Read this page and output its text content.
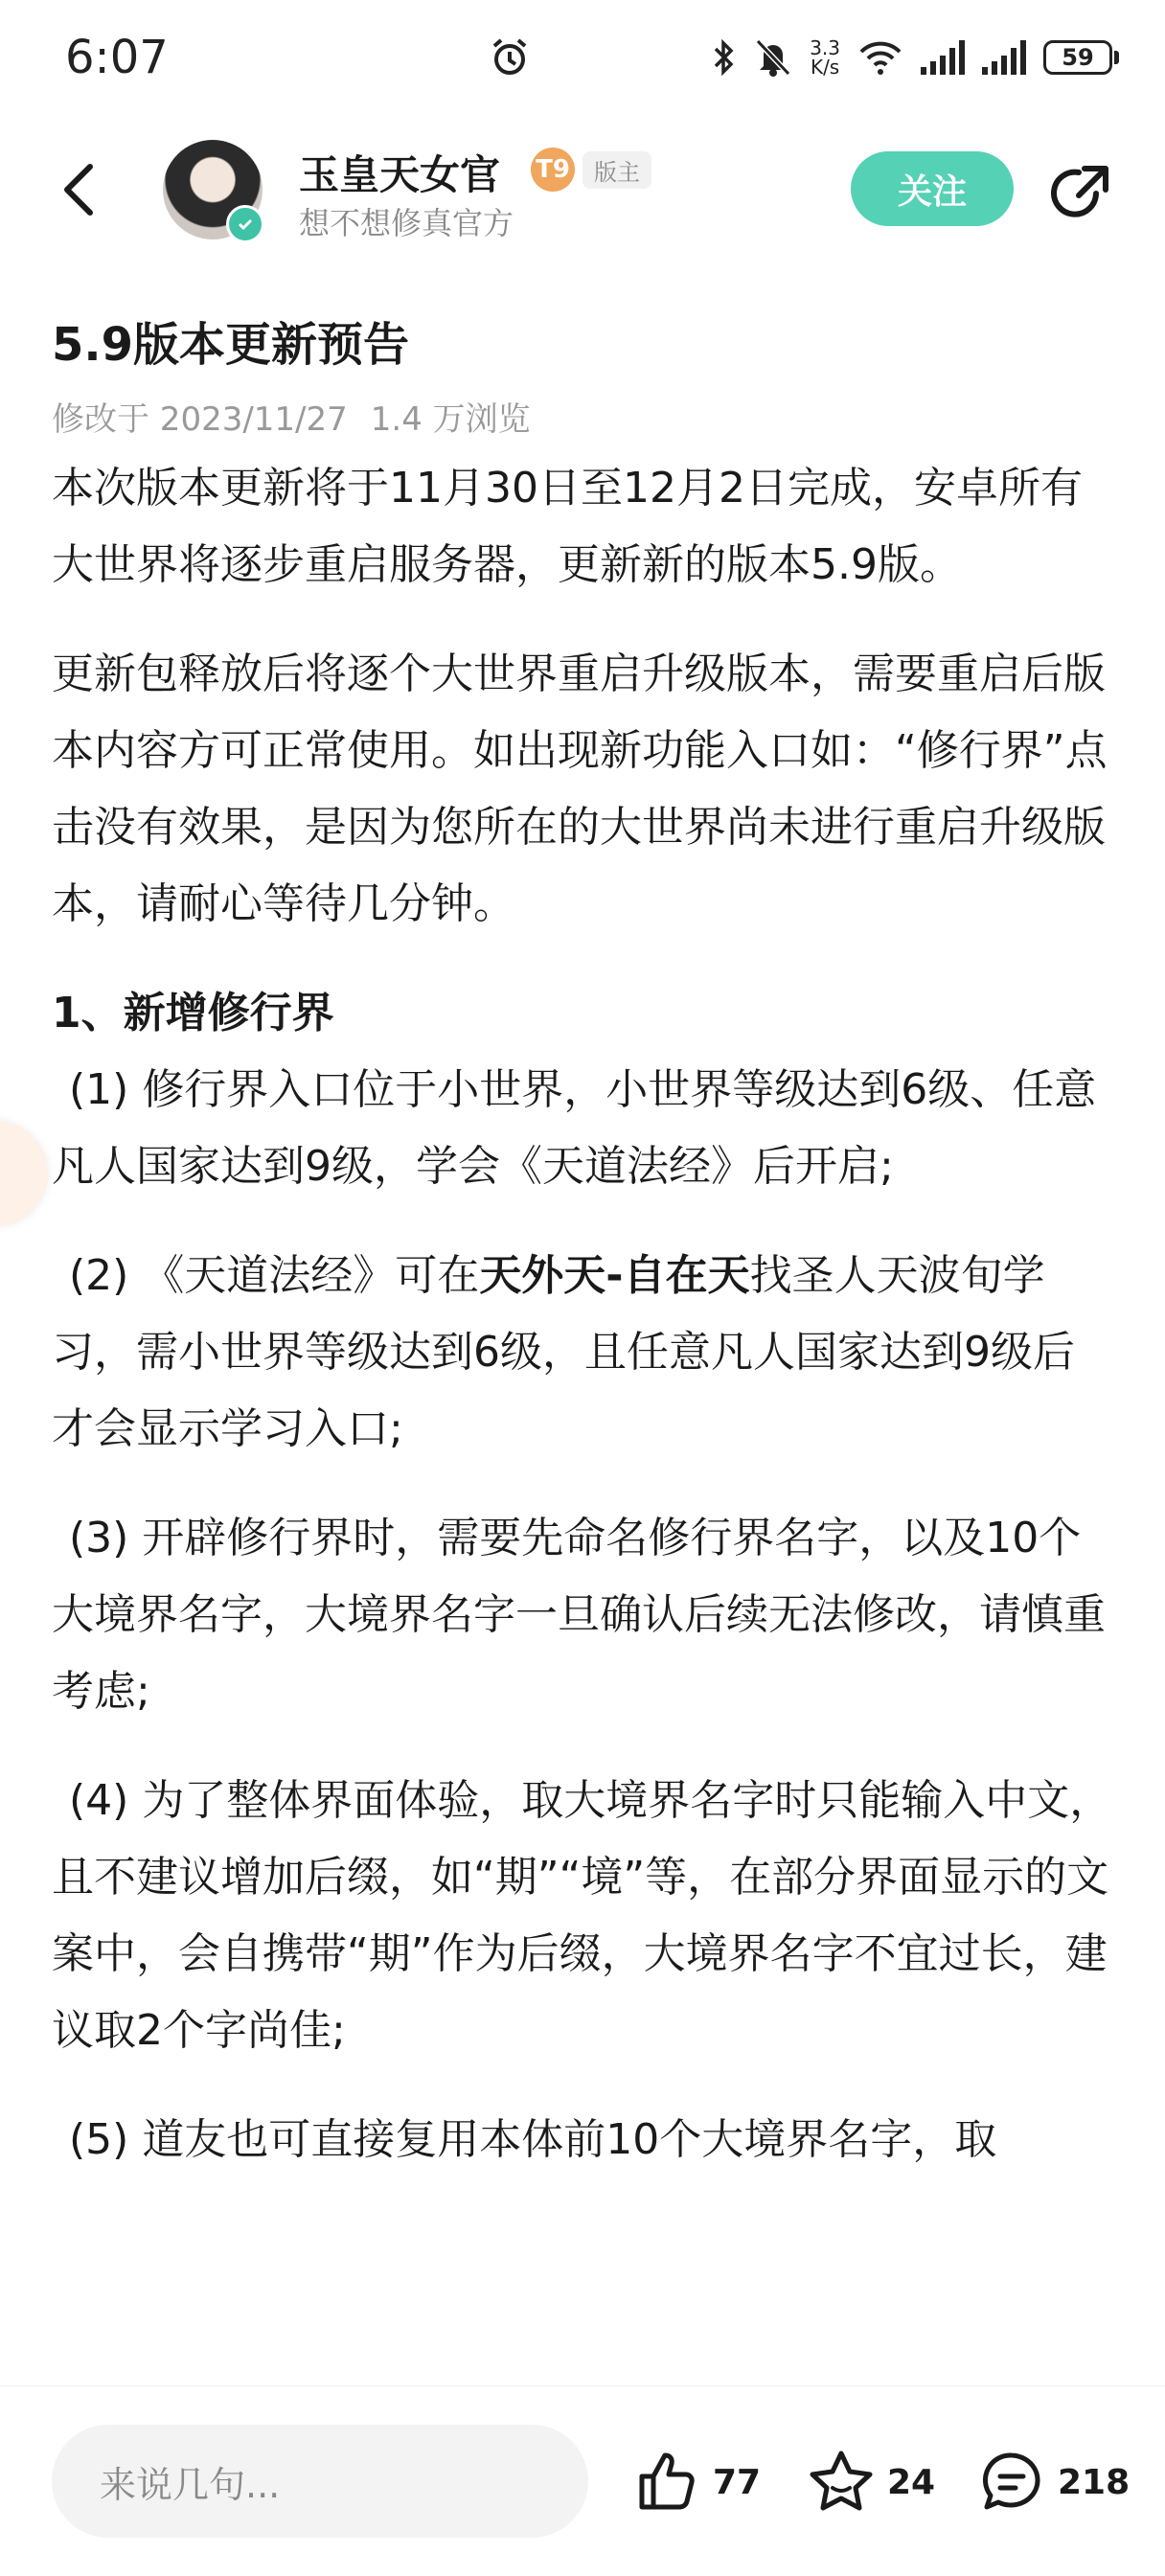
6:07	3.3
K/s	59
玉皇天女官 T9	版主
想不想修真官方
关注
5.9版本更新预告
修改于 2023/11/27 1.4 万浏览

本次版本更新将于11月30日至12月2日完成，安卓所有大世界将逐步重启服务器，更新新的版本5.9版。

更新包释放后将逐个大世界重启升级版本，需要重启后版本内容方可正常使用。如出现新功能入口如：“修行界”点击没有效果，是因为您所在的大世界尚未进行重启升级版本，请耐心等待几分钟。

1、新增修行界

(1) 修行界入口位于小世界，小世界等级达到6级、任意凡人国家达到9级，学会《天道法经》后开启;

(2) 《天道法经》可在天外天-自在天找圣人天波旬学习，需小世界等级达到6级，且任意凡人国家达到9级后才会显示学习入口;

(3) 开辟修行界时，需要先命名修行界名字，以及10个大境界名字，大境界名字一旦确认后续无法修改，请慎重考虑;

(4) 为了整体界面体验，取大境界名字时只能输入中文，且不建议增加后缀，如“期”“境”等，在部分界面显示的文案中，会自携带“期”作为后缀，大境界名字不宜过长，建议取2个字尚佳;

(5) 道友也可直接复用本体前10个大境界名字，取

来说几句...	77	24	218
